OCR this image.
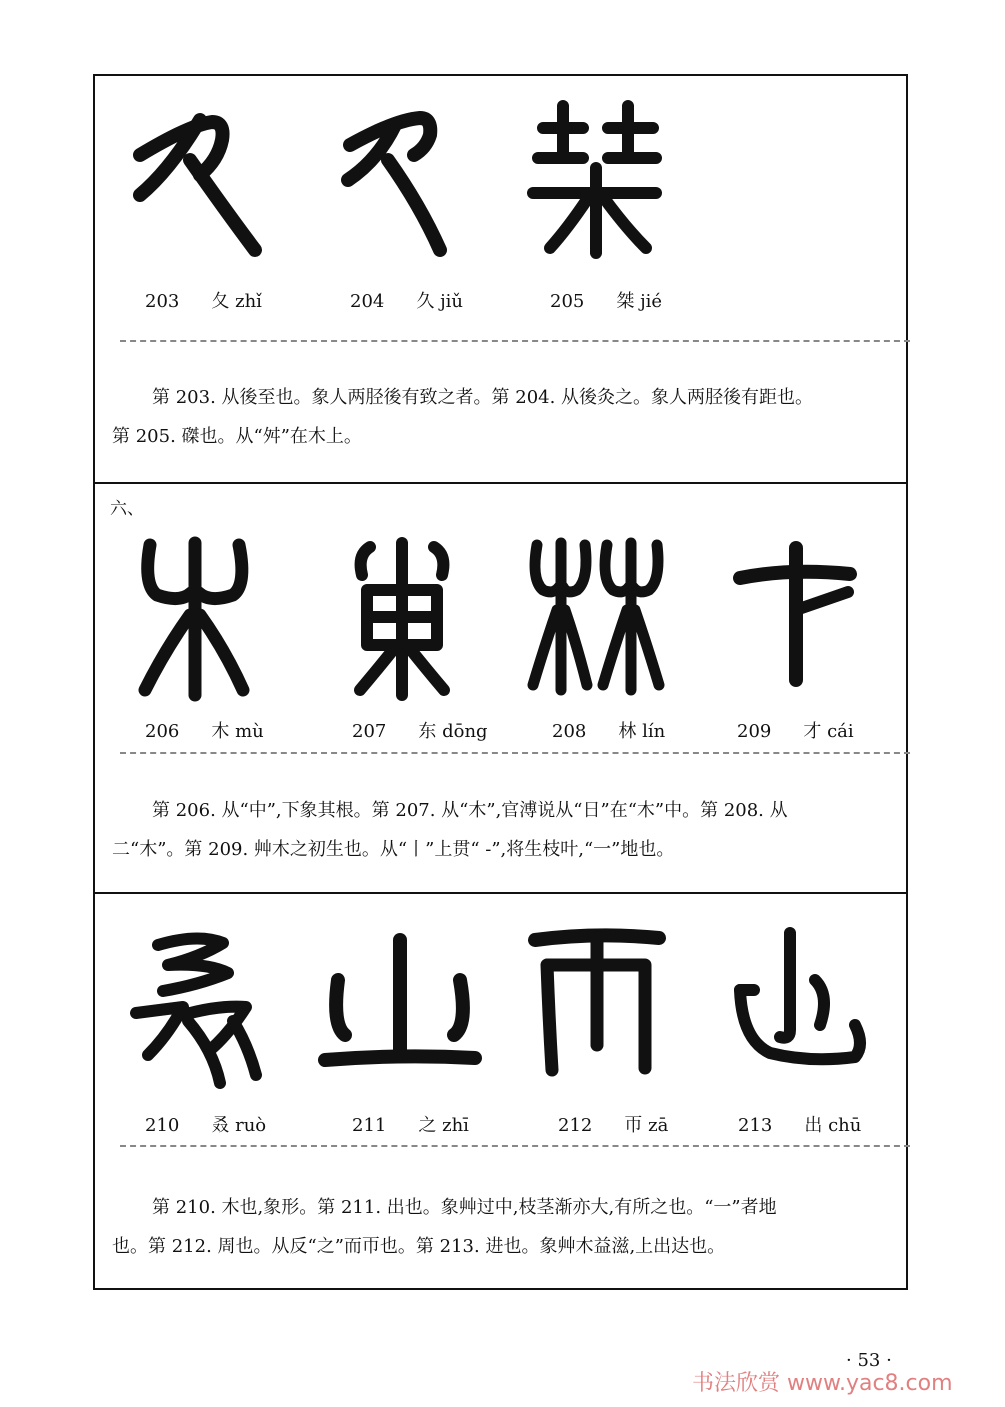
203 夂 zhǐ	204 久 jiǔ	205 桀 jié
第 203. 从後至也。象人两胫後有致之者。第 204. 从後灸之。象人两胫後有距也。
第 205. 磔也。从“舛”在木上。
六、
206 木 mù	207 东 dōng	208 林 lín	209 才 cái
第 206. 从“中”,下象其根。第 207. 从“木”,官溥说从“日”在“木”中。第 208. 从
二“木”。第 209. 艸木之初生也。从“丨”上贯“ -”,将生枝叶,“一”地也。
210 叒 ruò	211 之 zhī	212 帀 zā	213 出 chū
第 210. 木也,象形。第 211. 出也。象艸过中,枝茎渐亦大,有所之也。“一”者地
也。第 212. 周也。从反“之”而帀也。第 213. 进也。象艸木益滋,上出达也。
· 53 ·
书法欣赏 www.yac8.com
